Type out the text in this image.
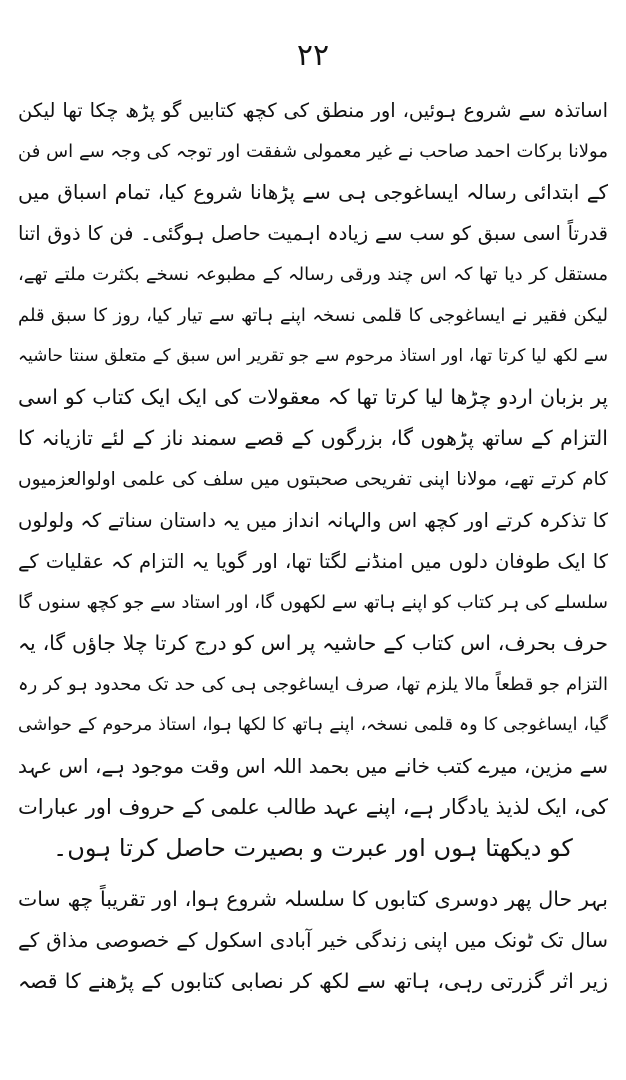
۲۲
اساتذہ سے شروع ہوئیں، اور منطق کی کچھ کتابیں گو پڑھ چکا تھا لیکن
مولانا برکات احمد صاحب نے غیر معمولی شفقت اور توجہ کی وجہ سے اس فن
کے ابتدائی رسالہ ایساغوجی ہی سے پڑھانا شروع کیا، تمام اسباق میں
قدرتاً اسی سبق کو سب سے زیادہ اہمیت حاصل ہوگئی۔ فن کا ذوق اتنا
مستقل کر دیا تھا کہ اس چند ورقی رسالہ کے مطبوعہ نسخے بکثرت ملتے تھے،
لیکن فقیر نے ایساغوجی کا قلمی نسخہ اپنے ہاتھ سے تیار کیا، روز کا سبق قلم
سے لکھ لیا کرتا تھا، اور استاذ مرحوم سے جو تقریر اس سبق کے متعلق سنتا حاشیہ
پر بزبان اردو چڑھا لیا کرتا تھا کہ معقولات کی ایک ایک کتاب کو اسی
التزام کے ساتھ پڑھوں گا، بزرگوں کے قصے سمند ناز کے لئے تازیانہ کا
کام کرتے تھے، مولانا اپنی تفریحی صحبتوں میں سلف کی علمی اولوالعزمیوں
کا تذکرہ کرتے اور کچھ اس والہانہ انداز میں یہ داستان سناتے کہ ولولوں
کا ایک طوفان دلوں میں امنڈنے لگتا تھا، اور گویا یہ التزام کہ عقلیات کے
سلسلے کی ہر کتاب کو اپنے ہاتھ سے لکھوں گا، اور استاد سے جو کچھ سنوں گا
حرف بحرف، اس کتاب کے حاشیہ پر اس کو درج کرتا چلا جاؤں گا، یہ
التزام جو قطعاً مالا یلزم تھا، صرف ایساغوجی ہی کی حد تک محدود ہو کر رہ
گیا، ایساغوجی کا وہ قلمی نسخہ، اپنے ہاتھ کا لکھا ہوا، استاذ مرحوم کے حواشی
سے مزین، میرے کتب خانے میں بحمد اللہ اس وقت موجود ہے، اس عہد
کی، ایک لذیذ یادگار ہے، اپنے عہد طالب علمی کے حروف اور عبارات
کو دیکھتا ہوں اور عبرت و بصیرت حاصل کرتا ہوں۔
بہر حال پھر دوسری کتابوں کا سلسلہ شروع ہوا، اور تقریباً چھ سات
سال تک ٹونک میں اپنی زندگی خیر آبادی اسکول کے خصوصی مذاق کے
زیر اثر گزرتی رہی، ہاتھ سے لکھ کر نصابی کتابوں کے پڑھنے کا قصہ
